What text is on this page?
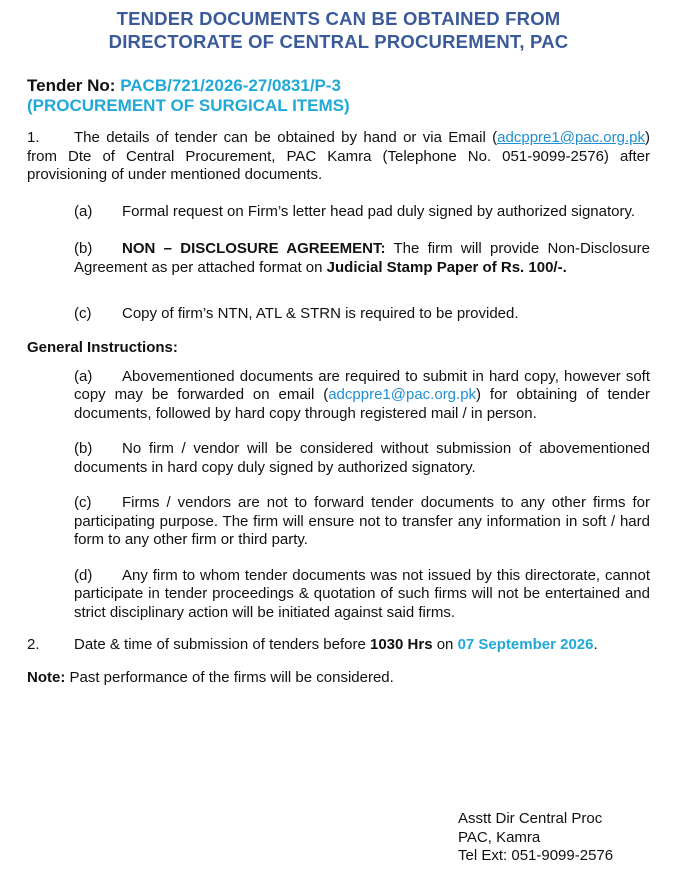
TENDER DOCUMENTS CAN BE OBTAINED FROM
DIRECTORATE OF CENTRAL PROCUREMENT, PAC
Tender No: PACB/721/2026-27/0831/P-3
(PROCUREMENT OF SURGICAL ITEMS)

1. The details of tender can be obtained by hand or via Email (adcppre1@pac.org.pk) from Dte of Central Procurement, PAC Kamra (Telephone No. 051-9099-2576) after provisioning of under mentioned documents.

(a) Formal request on Firm’s letter head pad duly signed by authorized signatory.

(b) NON – DISCLOSURE AGREEMENT: The firm will provide Non-Disclosure Agreement as per attached format on Judicial Stamp Paper of Rs. 100/-.

(c) Copy of firm’s NTN, ATL & STRN is required to be provided.

General Instructions:

(a) Abovementioned documents are required to submit in hard copy, however soft copy may be forwarded on email (adcppre1@pac.org.pk) for obtaining of tender documents, followed by hard copy through registered mail / in person.

(b) No firm / vendor will be considered without submission of abovementioned documents in hard copy duly signed by authorized signatory.

(c) Firms / vendors are not to forward tender documents to any other firms for participating purpose. The firm will ensure not to transfer any information in soft / hard form to any other firm or third party.

(d) Any firm to whom tender documents was not issued by this directorate, cannot participate in tender proceedings & quotation of such firms will not be entertained and strict disciplinary action will be initiated against said firms.

2. Date & time of submission of tenders before 1030 Hrs on 07 September 2026.

Note: Past performance of the firms will be considered.

Asstt Dir Central Proc
PAC, Kamra
Tel Ext: 051-9099-2576
